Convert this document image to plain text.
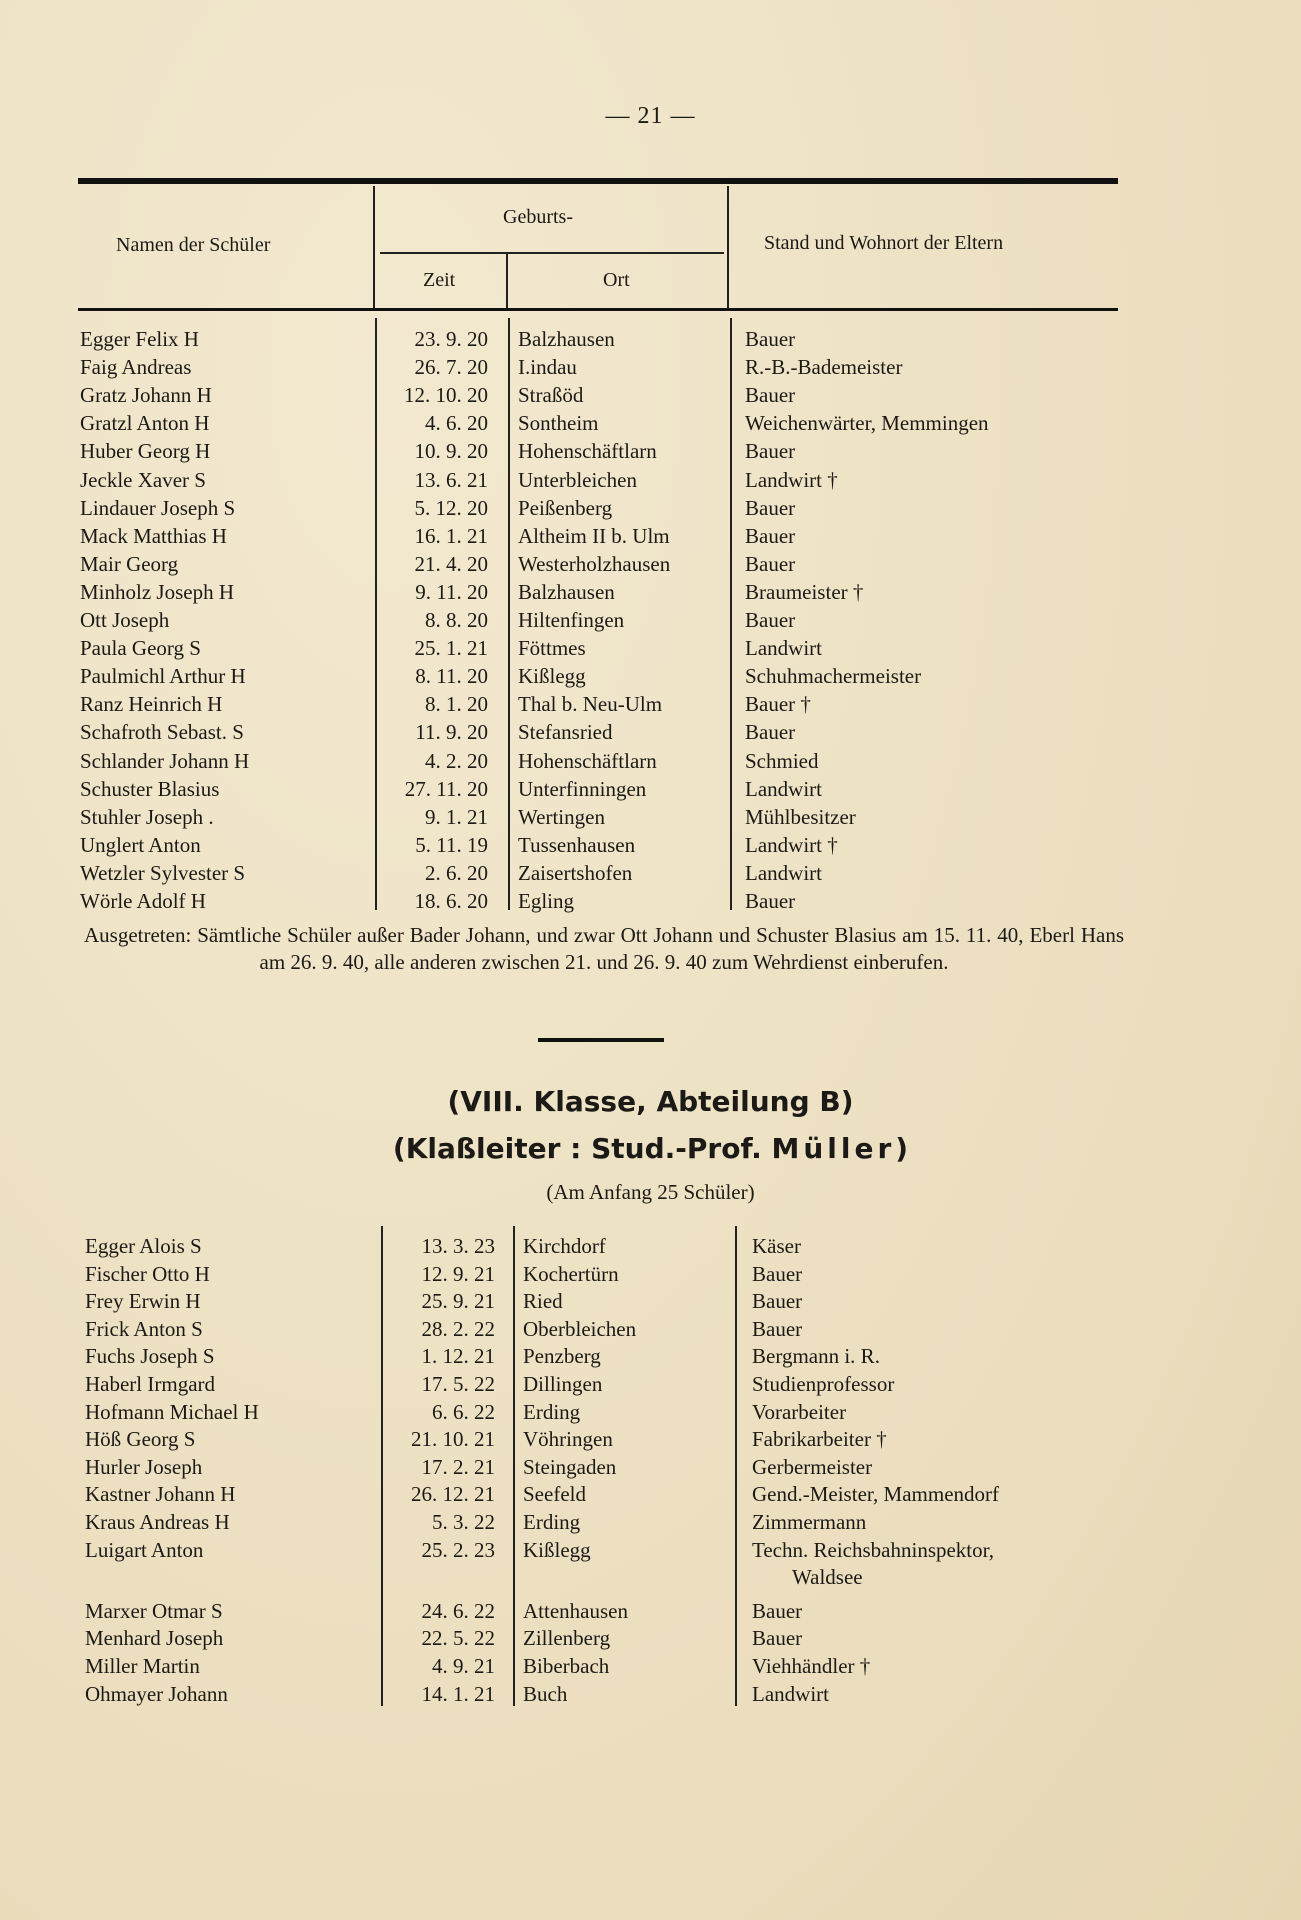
— 21 —
Namen der Schüler
Geburts-
Zeit	Ort
Stand und Wohnort der Eltern
Egger Felix H	23. 9. 20 Balzhausen	Bauer
Faig Andreas	26. 7. 20 I.indau	R.-B.-Bademeister
Gratz Johann H	12. 10. 20 Straßöd	Bauer
Gratzl Anton H	4. 6. 20 Sontheim	Weichenwärter, Memmingen
Huber Georg H	10. 9. 20 Hohenschäftlarn	Bauer
Jeckle Xaver S	13. 6. 21 Unterbleichen	Landwirt †
Lindauer Joseph S	5. 12. 20 Peißenberg	Bauer
Mack Matthias H	16. 1. 21 Altheim II b. Ulm	Bauer
Mair Georg	21. 4. 20 Westerholzhausen	Bauer
Minholz Joseph H	9. 11. 20 Balzhausen	Braumeister †
Ott Joseph	8. 8. 20 Hiltenfingen	Bauer
Paula Georg S	25. 1. 21 Föttmes	Landwirt
Paulmichl Arthur H	8. 11. 20 Kißlegg	Schuhmachermeister
Ranz Heinrich H	8. 1. 20 Thal b. Neu-Ulm	Bauer †
Schafroth Sebast. S	11. 9. 20 Stefansried	Bauer
Schlander Johann H	4. 2. 20 Hohenschäftlarn	Schmied
Schuster Blasius	27. 11. 20 Unterfinningen	Landwirt
Stuhler Joseph .	9. 1. 21 Wertingen	Mühlbesitzer
Unglert Anton	5. 11. 19 Tussenhausen	Landwirt †
Wetzler Sylvester S	2. 6. 20 Zaisertshofen	Landwirt
Wörle Adolf H	18. 6. 20 Egling	Bauer
Ausgetreten: Sämtliche Schüler außer Bader Johann, und zwar Ott Johann und Schuster Blasius am 15. 11. 40, Eberl Hans am 26. 9. 40, alle anderen zwischen 21. und 26. 9. 40 zum Wehrdienst einberufen.
(VIII. Klasse, Abteilung B)
(Klaßleiter : Stud.-Prof. Müller)
(Am Anfang 25 Schüler)
Egger Alois S	13. 3. 23 Kirchdorf	Käser
Fischer Otto H	12. 9. 21 Kochertürn	Bauer
Frey Erwin H	25. 9. 21 Ried	Bauer
Frick Anton S	28. 2. 22 Oberbleichen	Bauer
Fuchs Joseph S	1. 12. 21 Penzberg	Bergmann i. R.
Haberl Irmgard	17. 5. 22 Dillingen	Studienprofessor
Hofmann Michael H	6. 6. 22 Erding	Vorarbeiter
Höß Georg S	21. 10. 21 Vöhringen	Fabrikarbeiter †
Hurler Joseph	17. 2. 21 Steingaden	Gerbermeister
Kastner Johann H	26. 12. 21 Seefeld	Gend.-Meister, Mammendorf
Kraus Andreas H	5. 3. 22 Erding	Zimmermann
Luigart Anton	25. 2. 23 Kißlegg	Techn. Reichsbahninspektor,
Waldsee
Marxer Otmar S	24. 6. 22 Attenhausen	Bauer
Menhard Joseph	22. 5. 22 Zillenberg	Bauer
Miller Martin	4. 9. 21 Biberbach	Viehhändler †
Ohmayer Johann	14. 1. 21 Buch	Landwirt
